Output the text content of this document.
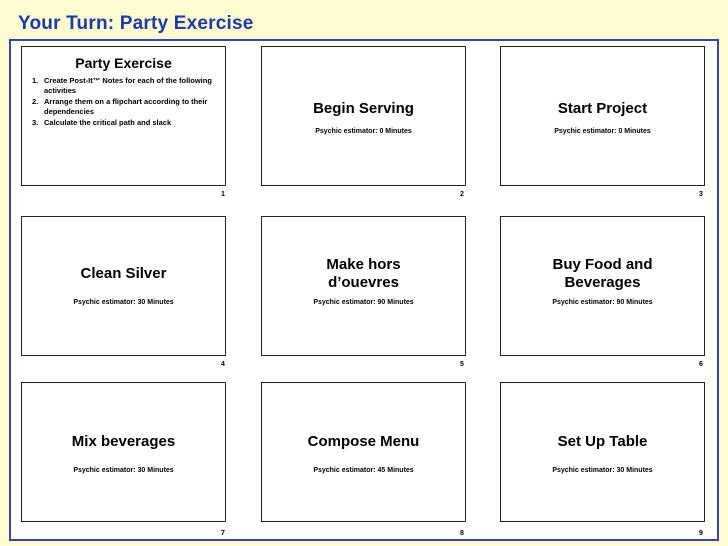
Your Turn: Party Exercise
Party Exercise
1. Create Post-It™ Notes for each of the following activities
2. Arrange them on a flipchart according to their dependencies
3. Calculate the critical path and slack
1
Begin Serving
Psychic estimator: 0 Minutes
2
Start Project
Psychic estimator: 0 Minutes
3
Clean Silver
Psychic estimator: 30 Minutes
4
Make hors
d’ouevres
Psychic estimator: 90 Minutes
5
Buy Food and
Beverages
Psychic estimator: 90 Minutes
6
Mix beverages
Psychic estimator: 30 Minutes
7
Compose Menu
Psychic estimator: 45 Minutes
8
Set Up Table
Psychic estimator: 30 Minutes
9
